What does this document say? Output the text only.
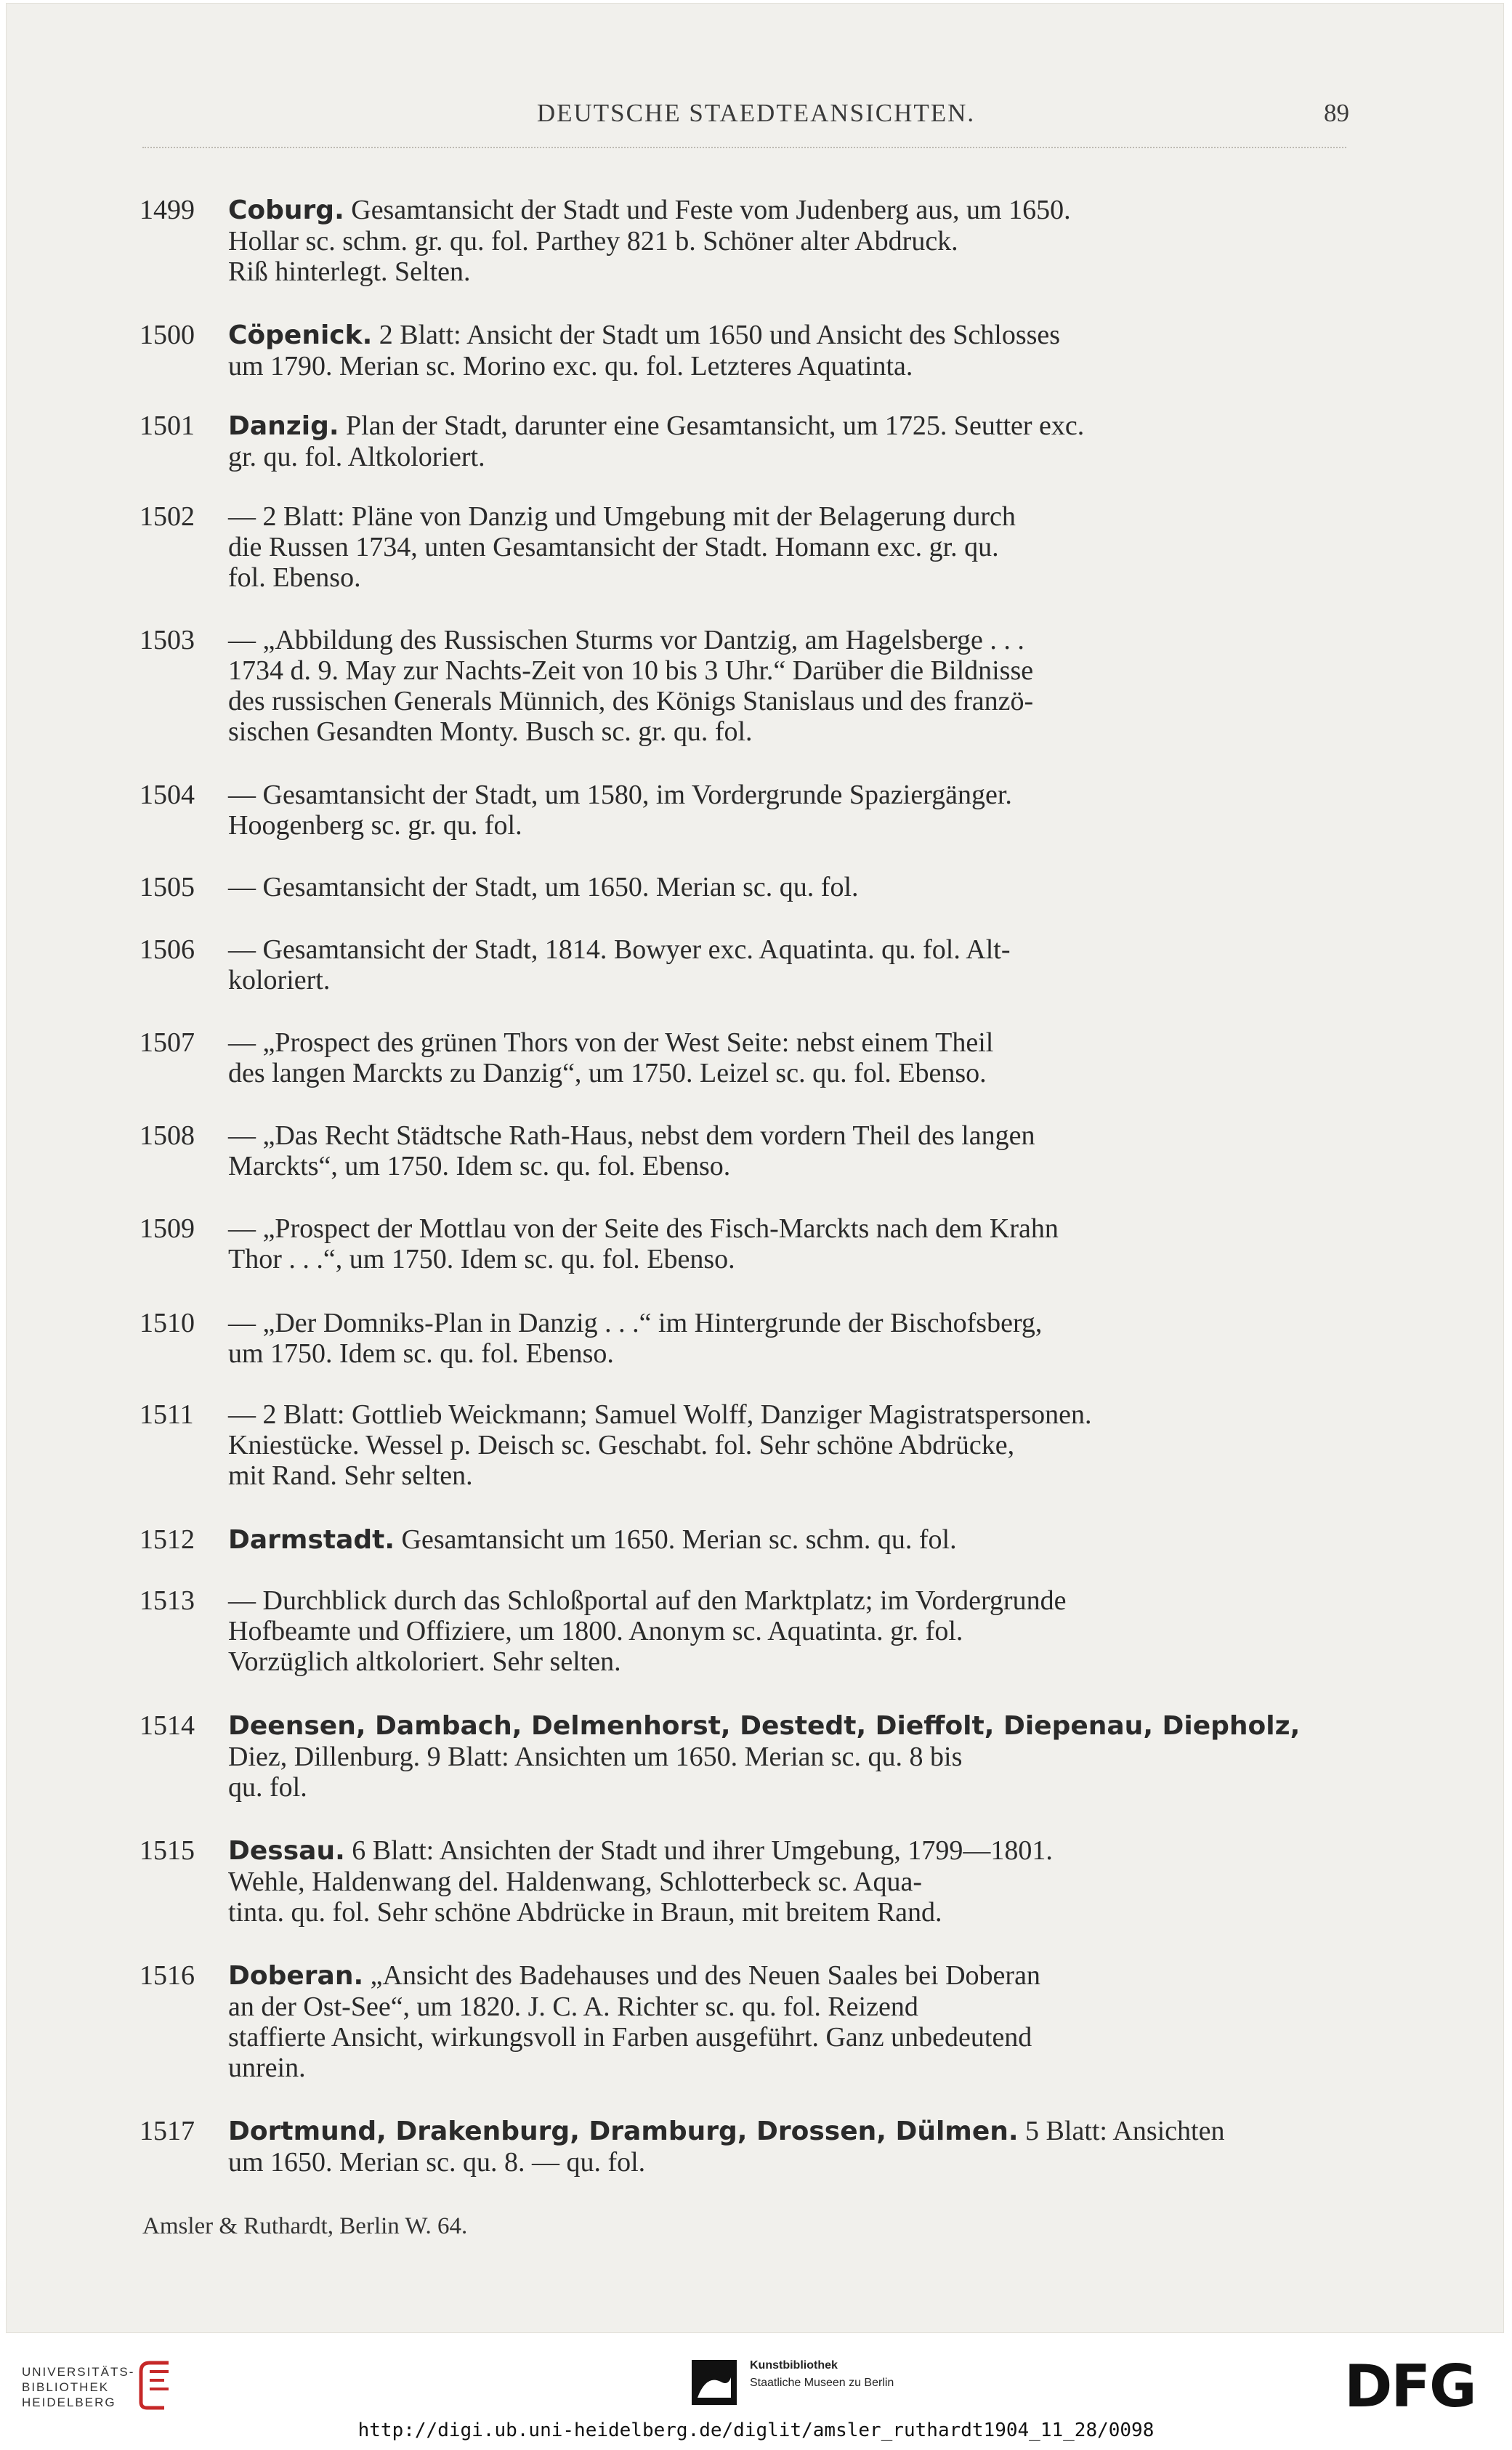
DEUTSCHE STAEDTEANSICHTEN.	89
1499	Coburg. Gesamtansicht der Stadt und Feste vom Judenberg aus, um 1650.
Hollar sc. schm. gr. qu. fol. Parthey 821 b. Schöner alter Abdruck.
Riß hinterlegt. Selten.
1500	Cöpenick. 2 Blatt: Ansicht der Stadt um 1650 und Ansicht des Schlosses
um 1790. Merian sc. Morino exc. qu. fol. Letzteres Aquatinta.
1501	Danzig. Plan der Stadt, darunter eine Gesamtansicht, um 1725. Seutter exc.
gr. qu. fol. Altkoloriert.
1502	— 2 Blatt: Pläne von Danzig und Umgebung mit der Belagerung durch
die Russen 1734, unten Gesamtansicht der Stadt. Homann exc. gr. qu.
fol. Ebenso.
1503	— „Abbildung des Russischen Sturms vor Dantzig, am Hagelsberge . . .
1734 d. 9. May zur Nachts-Zeit von 10 bis 3 Uhr.“ Darüber die Bildnisse
des russischen Generals Münnich, des Königs Stanislaus und des franzö-
sischen Gesandten Monty. Busch sc. gr. qu. fol.
1504	— Gesamtansicht der Stadt, um 1580, im Vordergrunde Spaziergänger.
Hoogenberg sc. gr. qu. fol.
1505	— Gesamtansicht der Stadt, um 1650. Merian sc. qu. fol.
1506	— Gesamtansicht der Stadt, 1814. Bowyer exc. Aquatinta. qu. fol. Alt-
koloriert.
1507	— „Prospect des grünen Thors von der West Seite: nebst einem Theil
des langen Marckts zu Danzig“, um 1750. Leizel sc. qu. fol. Ebenso.
1508	— „Das Recht Städtsche Rath-Haus, nebst dem vordern Theil des langen
Marckts“, um 1750. Idem sc. qu. fol. Ebenso.
1509	— „Prospect der Mottlau von der Seite des Fisch-Marckts nach dem Krahn
Thor . . .“, um 1750. Idem sc. qu. fol. Ebenso.
1510	— „Der Domniks-Plan in Danzig . . .“ im Hintergrunde der Bischofsberg,
um 1750. Idem sc. qu. fol. Ebenso.
1511	— 2 Blatt: Gottlieb Weickmann; Samuel Wolff, Danziger Magistratspersonen.
Kniestücke. Wessel p. Deisch sc. Geschabt. fol. Sehr schöne Abdrücke,
mit Rand. Sehr selten.
1512	Darmstadt. Gesamtansicht um 1650. Merian sc. schm. qu. fol.
1513	— Durchblick durch das Schloßportal auf den Marktplatz; im Vordergrunde
Hofbeamte und Offiziere, um 1800. Anonym sc. Aquatinta. gr. fol.
Vorzüglich altkoloriert. Sehr selten.
1514	Deensen, Dambach, Delmenhorst, Destedt, Dieffolt, Diepenau, Diepholz,
Diez, Dillenburg. 9 Blatt: Ansichten um 1650. Merian sc. qu. 8 bis
qu. fol.
1515	Dessau. 6 Blatt: Ansichten der Stadt und ihrer Umgebung, 1799—1801.
Wehle, Haldenwang del. Haldenwang, Schlotterbeck sc. Aqua-
tinta. qu. fol. Sehr schöne Abdrücke in Braun, mit breitem Rand.
1516	Doberan. „Ansicht des Badehauses und des Neuen Saales bei Doberan
an der Ost-See“, um 1820. J. C. A. Richter sc. qu. fol. Reizend
staffierte Ansicht, wirkungsvoll in Farben ausgeführt. Ganz unbedeutend
unrein.
1517	Dortmund, Drakenburg, Dramburg, Drossen, Dülmen. 5 Blatt: Ansichten
um 1650. Merian sc. qu. 8. — qu. fol.
Amsler & Ruthardt, Berlin W. 64.
UNIVERSITÄTS-
BIBLIOTHEK
HEIDELBERG
Kunstbibliothek
Staatliche Museen zu Berlin	DFG
http://digi.ub.uni-heidelberg.de/diglit/amsler_ruthardt1904_11_28/0098
